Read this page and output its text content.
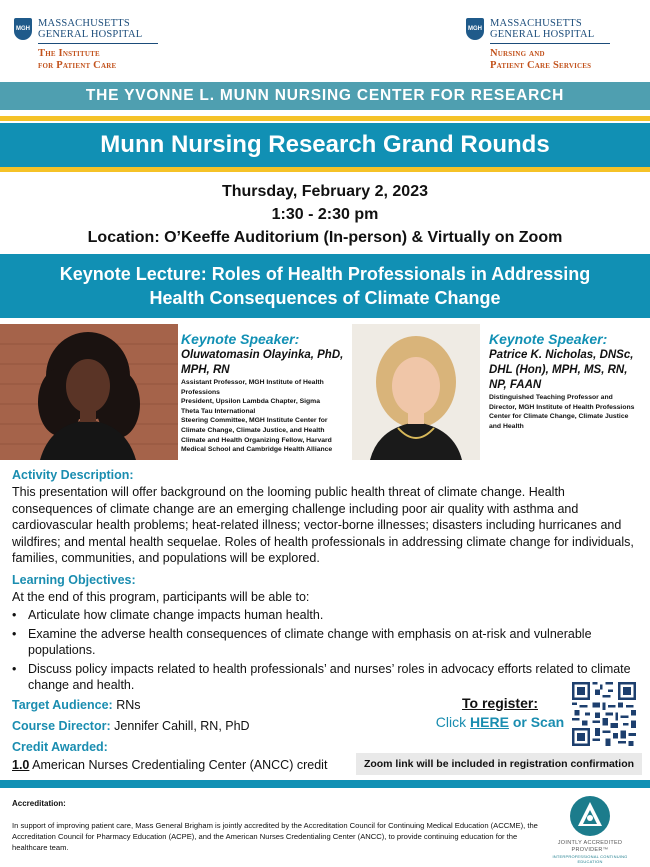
MGH MASSACHUSETTS
GENERAL HOSPITAL
The Institute
for Patient Care
MGH MASSACHUSETTS
GENERAL HOSPITAL
Nursing and
Patient Care Services
THE YVONNE L. MUNN NURSING CENTER FOR RESEARCH
Munn Nursing Research Grand Rounds
Thursday, February 2, 2023
1:30 - 2:30 pm
Location: O’Keeffe Auditorium (In-person) & Virtually on Zoom
Keynote Lecture: Roles of Health Professionals in Addressing
Health Consequences of Climate Change
Keynote Speaker:
Oluwatomasin Olayinka, PhD,
MPH, RN
Assistant Professor, MGH Institute of Health
Professions
President, Upsilon Lambda Chapter, Sigma
Theta Tau International
Steering Committee, MGH Institute Center for
Climate Change, Climate Justice, and Health
Climate and Health Organizing Fellow, Harvard
Medical School and Cambridge Health Alliance
Keynote Speaker:
Patrice K. Nicholas, DNSc,
DHL (Hon), MPH, MS, RN,
NP, FAAN
Distinguished Teaching Professor and
Director, MGH Institute of Health Professions
Center for Climate Change, Climate Justice
and Health
Activity Description:
This presentation will offer background on the looming public health threat of climate change. Health consequences of climate change are an emerging challenge including poor air quality with asthma and cardiovascular health problems; heat-related illness; vector-borne illnesses; disasters including hurricanes and wildfires; and mental health sequelae. Roles of health professionals in addressing climate change for individuals, families, communities, and populations will be explored.
Learning Objectives:
At the end of this program, participants will be able to:
• Articulate how climate change impacts human health.
• Examine the adverse health consequences of climate change with emphasis on at-risk and vulnerable populations.
• Discuss policy impacts related to health professionals’ and nurses’ roles in advocacy efforts related to climate change and health.
Target Audience: RNs
Course Director: Jennifer Cahill, RN, PhD
Credit Awarded:
1.0 American Nurses Credentialing Center (ANCC) credit
To register:
Click HERE or Scan
Zoom link will be included in registration confirmation
Accreditation:
In support of improving patient care, Mass General Brigham is jointly accredited by the Accreditation Council for Continuing Medical Education (ACCME), the Accreditation Council for Pharmacy Education (ACPE), and the American Nurses Credentialing Center (ANCC), to provide continuing education for the healthcare team.	JOINTLY ACCREDITED PROVIDER™
INTERPROFESSIONAL CONTINUING EDUCATION
